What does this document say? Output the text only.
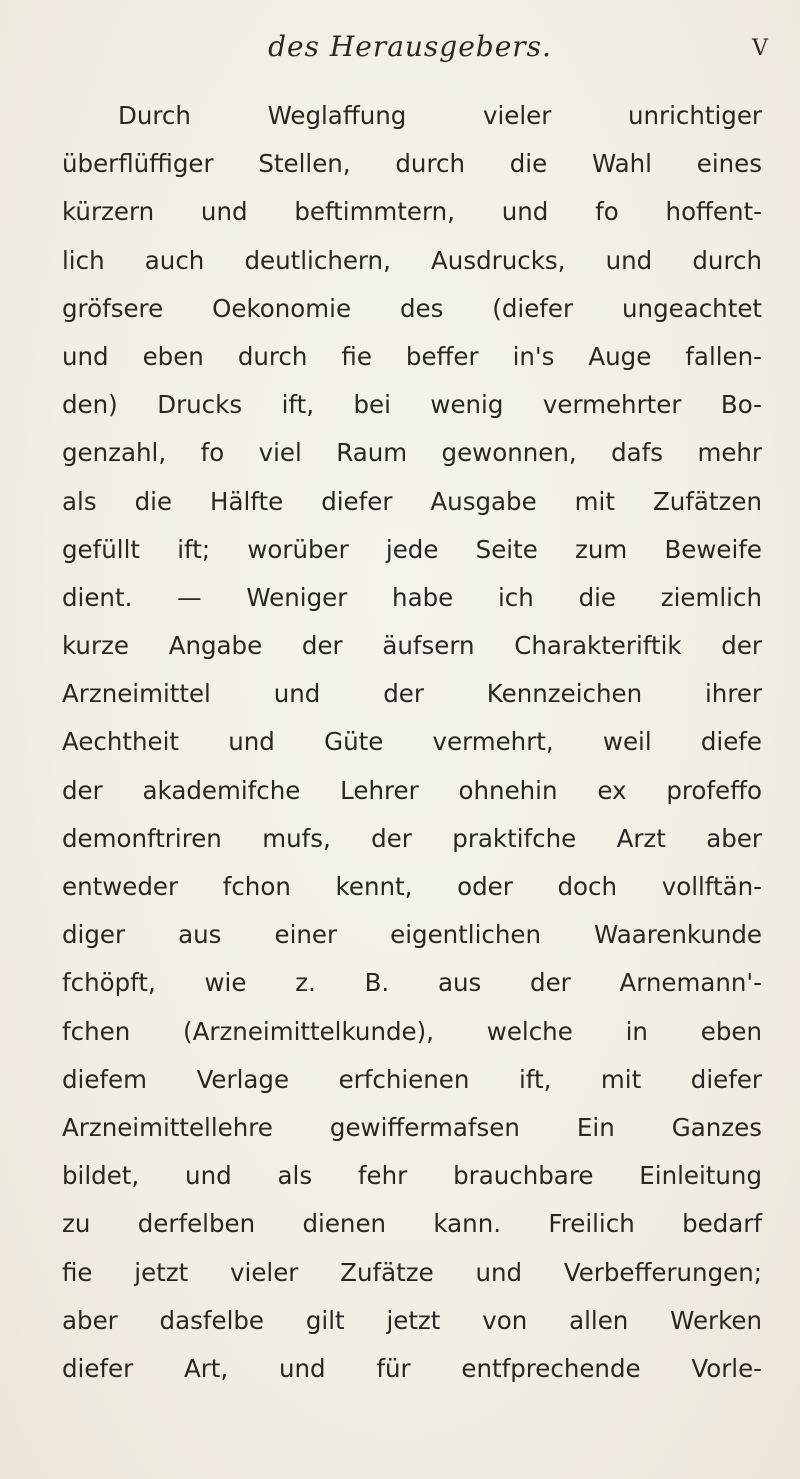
des Herausgebers.	V
Durch Weglaffung vieler unrichtiger
überflüffiger Stellen, durch die Wahl eines
kürzern und beftimmtern, und fo hoffent-
lich auch deutlichern, Ausdrucks, und durch
gröfsere Oekonomie des (diefer ungeachtet
und eben durch fie beffer in's Auge fallen-
den) Drucks ift, bei wenig vermehrter Bo-
genzahl, fo viel Raum gewonnen, dafs mehr
als die Hälfte diefer Ausgabe mit Zufätzen
gefüllt ift; worüber jede Seite zum Beweife
dient. — Weniger habe ich die ziemlich
kurze Angabe der äufsern Charakteriftik der
Arzneimittel und der Kennzeichen ihrer
Aechtheit und Güte vermehrt, weil diefe
der akademifche Lehrer ohnehin ex profeffo
demonftriren mufs, der praktifche Arzt aber
entweder fchon kennt, oder doch vollftän-
diger aus einer eigentlichen Waarenkunde
fchöpft, wie z. B. aus der Arnemann'-
fchen (Arzneimittelkunde), welche in eben
diefem Verlage erfchienen ift, mit diefer
Arzneimittellehre gewiffermafsen Ein Ganzes
bildet, und als fehr brauchbare Einleitung
zu derfelben dienen kann. Freilich bedarf
fie jetzt vieler Zufätze und Verbefferungen;
aber dasfelbe gilt jetzt von allen Werken
diefer Art, und für entfprechende Vorle-
